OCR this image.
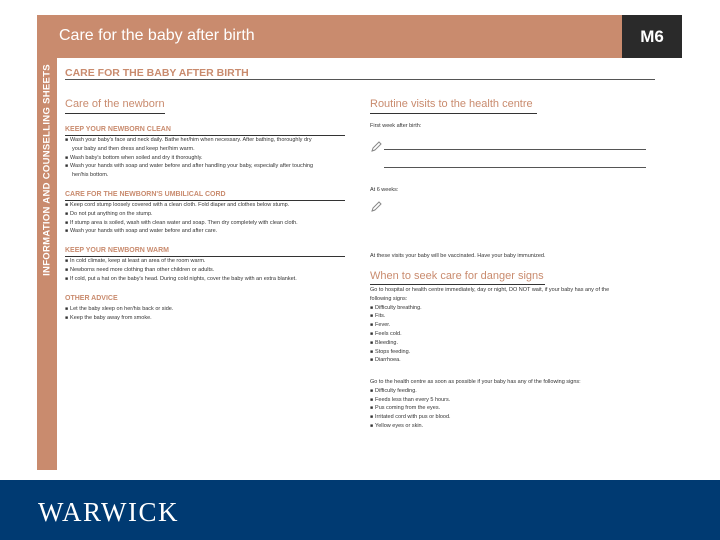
Care for the baby after birth	M6
INFORMATION AND COUNSELLING SHEETS CARE FOR THE BABY AFTER BIRTH
Care of the newborn
KEEP YOUR NEWBORN CLEAN
■ Wash your baby's face and neck daily. Bathe her/him when necessary. After bathing, thoroughly dry
your baby and then dress and keep her/him warm.
■ Wash baby's bottom when soiled and dry it thoroughly.
■ Wash your hands with soap and water before and after handling your baby, especially after touching
her/his bottom.
CARE FOR THE NEWBORN'S UMBILICAL CORD
■ Keep cord stump loosely covered with a clean cloth. Fold diaper and clothes below stump.
■ Do not put anything on the stump.
■ If stump area is soiled, wash with clean water and soap. Then dry completely with clean cloth.
■ Wash your hands with soap and water before and after care.
KEEP YOUR NEWBORN WARM
■ In cold climate, keep at least an area of the room warm.
■ Newborns need more clothing than other children or adults.
■ If cold, put a hat on the baby's head. During cold nights, cover the baby with an extra blanket.
OTHER ADVICE
■ Let the baby sleep on her/his back or side.
■ Keep the baby away from smoke.
Routine visits to the health centre
First week after birth:
At 6 weeks:
At these visits your baby will be vaccinated. Have your baby immunized.
When to seek care for danger signs
Go to hospital or health centre immediately, day or night, DO NOT wait, if your baby has any of the
following signs:
■ Difficulty breathing.
■ Fits.
■ Fever.
■ Feels cold.
■ Bleeding.
■ Stops feeding.
■ Diarrhoea.
Go to the health centre as soon as possible if your baby has any of the following signs:
■ Difficulty feeding.
■ Feeds less than every 5 hours.
■ Pus coming from the eyes.
■ Irritated cord with pus or blood.
■ Yellow eyes or skin.
WARWICK
